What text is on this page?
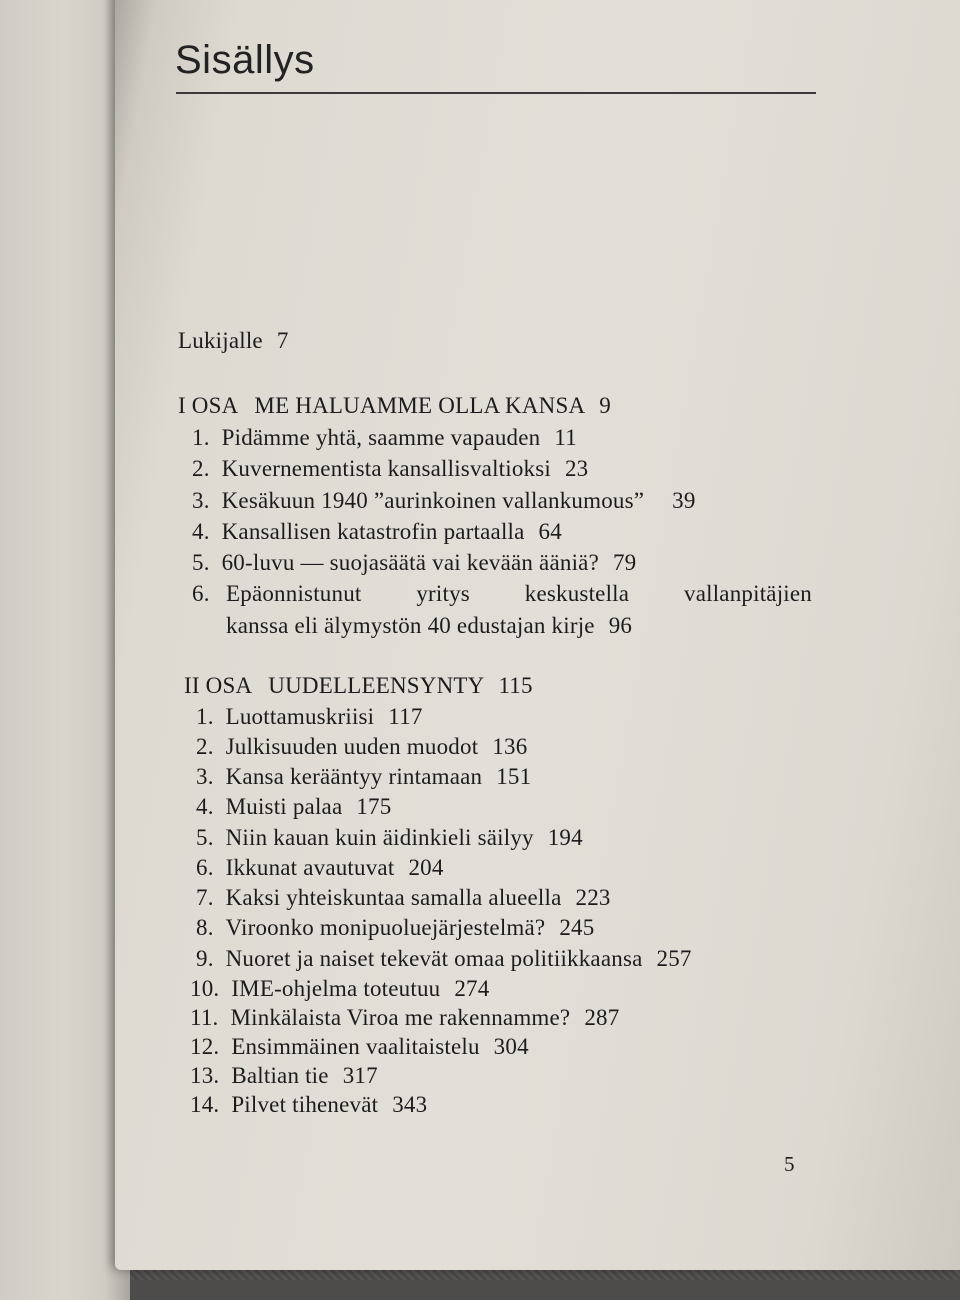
Sisällys
Lukijalle 7
I OSA ME HALUAMME OLLA KANSA 9
1. Pidämme yhtä, saamme vapauden 11
2. Kuvernementista kansallisvaltioksi 23
3. Kesäkuun 1940 ”aurinkoinen vallankumous” 39
4. Kansallisen katastrofin partaalla 64
5. 60-luvu — suojasäätä vai kevään ääniä? 79
6. Epäonnistunut yritys keskustella vallanpitäjien
kanssa eli älymystön 40 edustajan kirje 96
II OSA UUDELLEENSYNTY 115
1. Luottamuskriisi 117
2. Julkisuuden uuden muodot 136
3. Kansa kerääntyy rintamaan 151
4. Muisti palaa 175
5. Niin kauan kuin äidinkieli säilyy 194
6. Ikkunat avautuvat 204
7. Kaksi yhteiskuntaa samalla alueella 223
8. Viroonko monipuoluejärjestelmä? 245
9. Nuoret ja naiset tekevät omaa politiikkaansa 257
10. IME-ohjelma toteutuu 274
11. Minkälaista Viroa me rakennamme? 287
12. Ensimmäinen vaalitaistelu 304
13. Baltian tie 317
14. Pilvet tihenevät 343
5
